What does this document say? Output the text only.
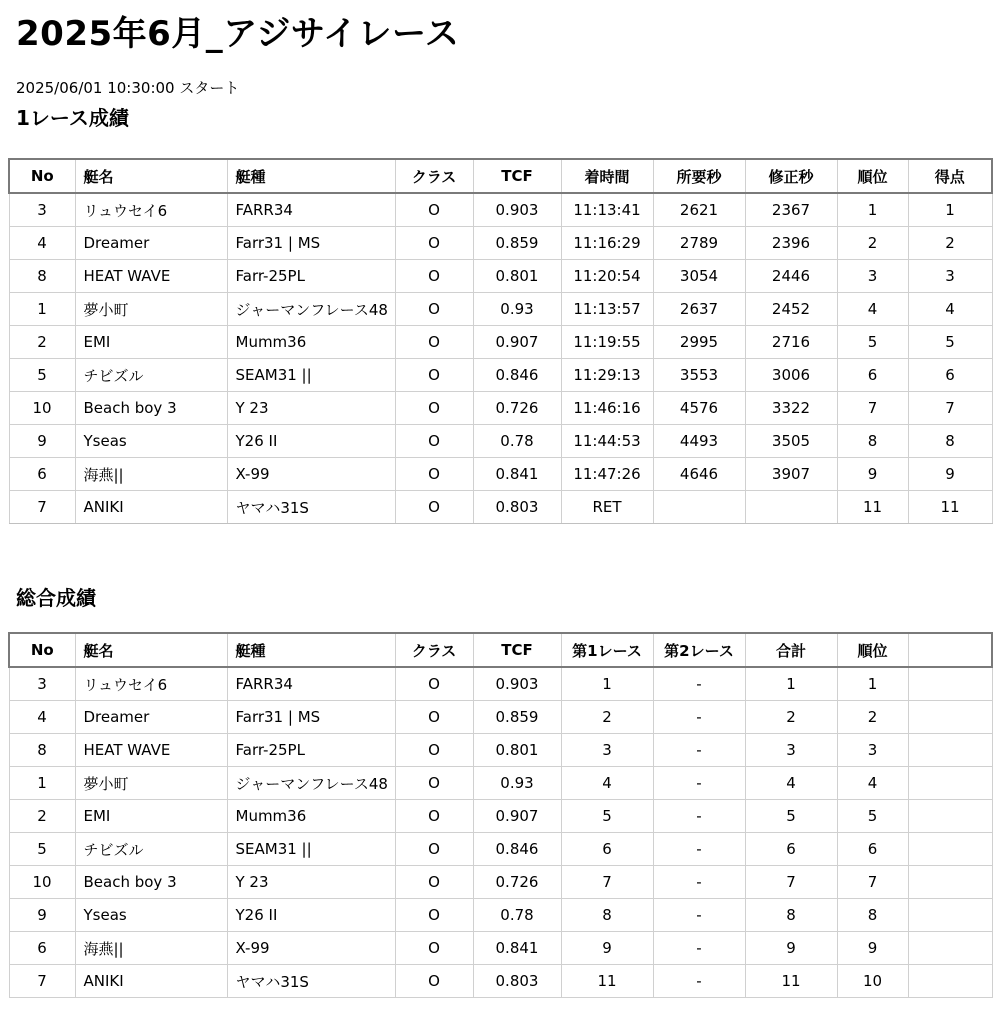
2025年6月_アジサイレース
2025/06/01 10:30:00 スタート
1レース成績
No	艇名	艇種	クラス	TCF	着時間	所要秒	修正秒	順位	得点
3	リュウセイ6	FARR34	O	0.903	11:13:41	2621	2367	1	1
4	Dreamer	Farr31 | MS	O	0.859	11:16:29	2789	2396	2	2
8	HEAT WAVE	Farr-25PL	O	0.801	11:20:54	3054	2446	3	3
1	夢小町	ジャーマンフレース48	O	0.93	11:13:57	2637	2452	4	4
2	EMI	Mumm36	O	0.907	11:19:55	2995	2716	5	5
5	チビズル	SEAM31 ||	O	0.846	11:29:13	3553	3006	6	6
10	Beach boy 3	Y 23	O	0.726	11:46:16	4576	3322	7	7
9	Yseas	Y26 II	O	0.78	11:44:53	4493	3505	8	8
6	海燕||	X-99	O	0.841	11:47:26	4646	3907	9	9
7	ANIKI	ヤマハ31S	O	0.803	RET			11	11
総合成績
No	艇名	艇種	クラス	TCF	第1レース	第2レース	合計	順位	
3	リュウセイ6	FARR34	O	0.903	1	-	1	1	
4	Dreamer	Farr31 | MS	O	0.859	2	-	2	2	
8	HEAT WAVE	Farr-25PL	O	0.801	3	-	3	3	
1	夢小町	ジャーマンフレース48	O	0.93	4	-	4	4	
2	EMI	Mumm36	O	0.907	5	-	5	5	
5	チビズル	SEAM31 ||	O	0.846	6	-	6	6	
10	Beach boy 3	Y 23	O	0.726	7	-	7	7	
9	Yseas	Y26 II	O	0.78	8	-	8	8	
6	海燕||	X-99	O	0.841	9	-	9	9	
7	ANIKI	ヤマハ31S	O	0.803	11	-	11	10	
